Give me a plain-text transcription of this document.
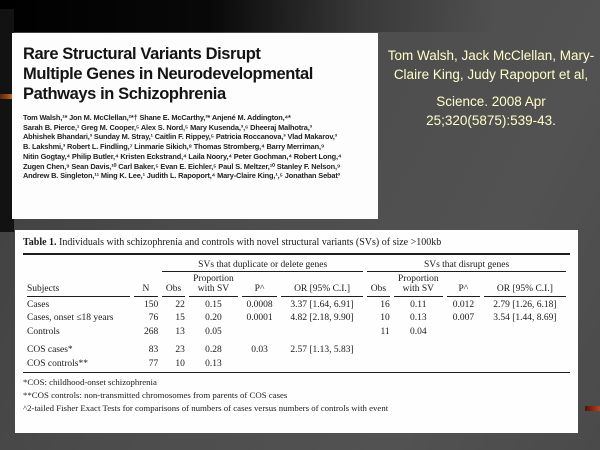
Rare Structural Variants Disrupt
Multiple Genes in Neurodevelopmental
Pathways in Schizophrenia
Tom Walsh,¹* Jon M. McClellan,²*† Shane E. McCarthy,³* Anjené M. Addington,⁴*
Sarah B. Pierce,¹ Greg M. Cooper,⁵ Alex S. Nord,⁵ Mary Kusenda,³,⁶ Dheeraj Malhotra,³
Abhishek Bhandari,³ Sunday M. Stray,¹ Caitlin F. Rippey,⁵ Patricia Roccanova,³ Vlad Makarov,³
B. Lakshmi,³ Robert L. Findling,⁷ Linmarie Sikich,⁸ Thomas Stromberg,⁴ Barry Merriman,⁹
Nitin Gogtay,⁴ Philip Butler,⁴ Kristen Eckstrand,⁴ Laila Noory,⁴ Peter Gochman,⁴ Robert Long,⁴
Zugen Chen,⁹ Sean Davis,¹⁰ Carl Baker,⁵ Evan E. Eichler,⁵ Paul S. Meltzer,¹⁰ Stanley F. Nelson,⁹
Andrew B. Singleton,¹¹ Ming K. Lee,¹ Judith L. Rapoport,⁴ Mary-Claire King,¹,⁵ Jonathan Sebat³
Tom Walsh, Jack McClellan, Mary-Claire King, Judy Rapoport et al,
Science. 2008 Apr 25;320(5875):539-43.
Table 1. Individuals with schizophrenia and controls with novel structural variants (SVs) of size >100kb
		SVs that duplicate or delete genes				SVs that disrupt genes			
Subjects	N	Obs	Proportion with SV	P^	OR [95% C.I.]	Obs	Proportion with SV	P^	OR [95% C.I.]
Cases	150	22	0.15	0.0008	3.37 [1.64, 6.91]	16	0.11	0.012	2.79 [1.26, 6.18]
Cases, onset ≤18 years	76	15	0.20	0.0001	4.82 [2.18, 9.90]	10	0.13	0.007	3.54 [1.44, 8.69]
Controls	268	13	0.05			11	0.04		

COS cases*	83	23	0.28	0.03	2.57 [1.13, 5.83]				
COS controls**	77	10	0.13						
*COS: childhood-onset schizophrenia
**COS controls: non-transmitted chromosomes from parents of COS cases
^2-tailed Fisher Exact Tests for comparisons of numbers of cases versus numbers of controls with event
